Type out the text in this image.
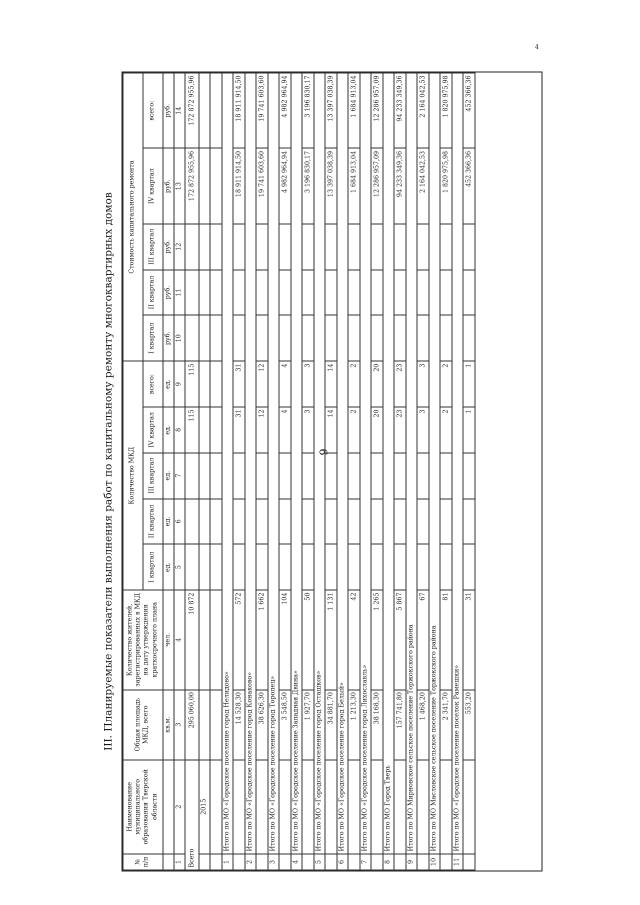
9
4
III. Планируемые показатели выполнения работ по капитальному ремонту многоквартирных домов
№ п/п	Наименование муниципального образования Тверской области	Общая площадь МКД, всего	Количество жителей, зарегистрированных в МКД на дату утверждения краткосрочного плана	Количество МКД					Стоимость капитального ремонта				
				I квартал	II квартал	III квартал	IV квартал	всего:	I квартал	II квартал	III квартал	IV квартал	всего:
		кв.м.	чел.	ед.	ед.	ед.	ед.	ед.	руб.	руб.	руб.	руб.	руб.
1	2	3	4	5	6	7	8	9	10	11	12	13	14
Всего		295 060,00	10 872				115	115				172 872 955,96	172 872 955,96
	2015												

1	Итого по МО «Городское поселение город Нелидово»												
		14 528,30	572				31	31				18 911 914,50	18 911 914,50
2	Итого по МО «Городское поселение город Конаково»												
		38 626,30	1 662				12	12				19 741 603,60	19 741 603,60
3	Итого по МО «Городское поселение город Торопец»												
		3 548,50	104				4	4				4 982 964,94	4 982 964,94
4	Итого по МО «Городское поселение Западная Двина»												
		1 927,70	50				3	3				3 196 830,17	3 196 830,17
5	Итого по МО «Городское поселение город Осташков»												
		34 881,70	1 131				14	14				13 397 038,39	13 397 038,39
6	Итого по МО «Городское поселение город Белый»												
		1 213,30	42				2	2				1 684 913,04	1 684 913,04
7	Итого по МО «Городское поселение город Лихославль»												
		38 168,30	1 265				20	20				12 286 957,09	12 286 957,09
8	Итого по МО Город Тверь												
		157 741,80	5 867				23	23				94 233 349,36	94 233 349,36
9	Итого по МО Мирновское сельское поселение Торжокского района												
		1 468,20	67				3	3				2 164 042,53	2 164 042,53
10	Итого по МО Масловское сельское поселение Торжокского района												
		2 341,70	81				2	2				1 820 975,98	1 820 975,98
11	Итого по МО «Городское поселение поселок Рамешки»												
		553,20	31				1	1				452 366,36	452 366,36
